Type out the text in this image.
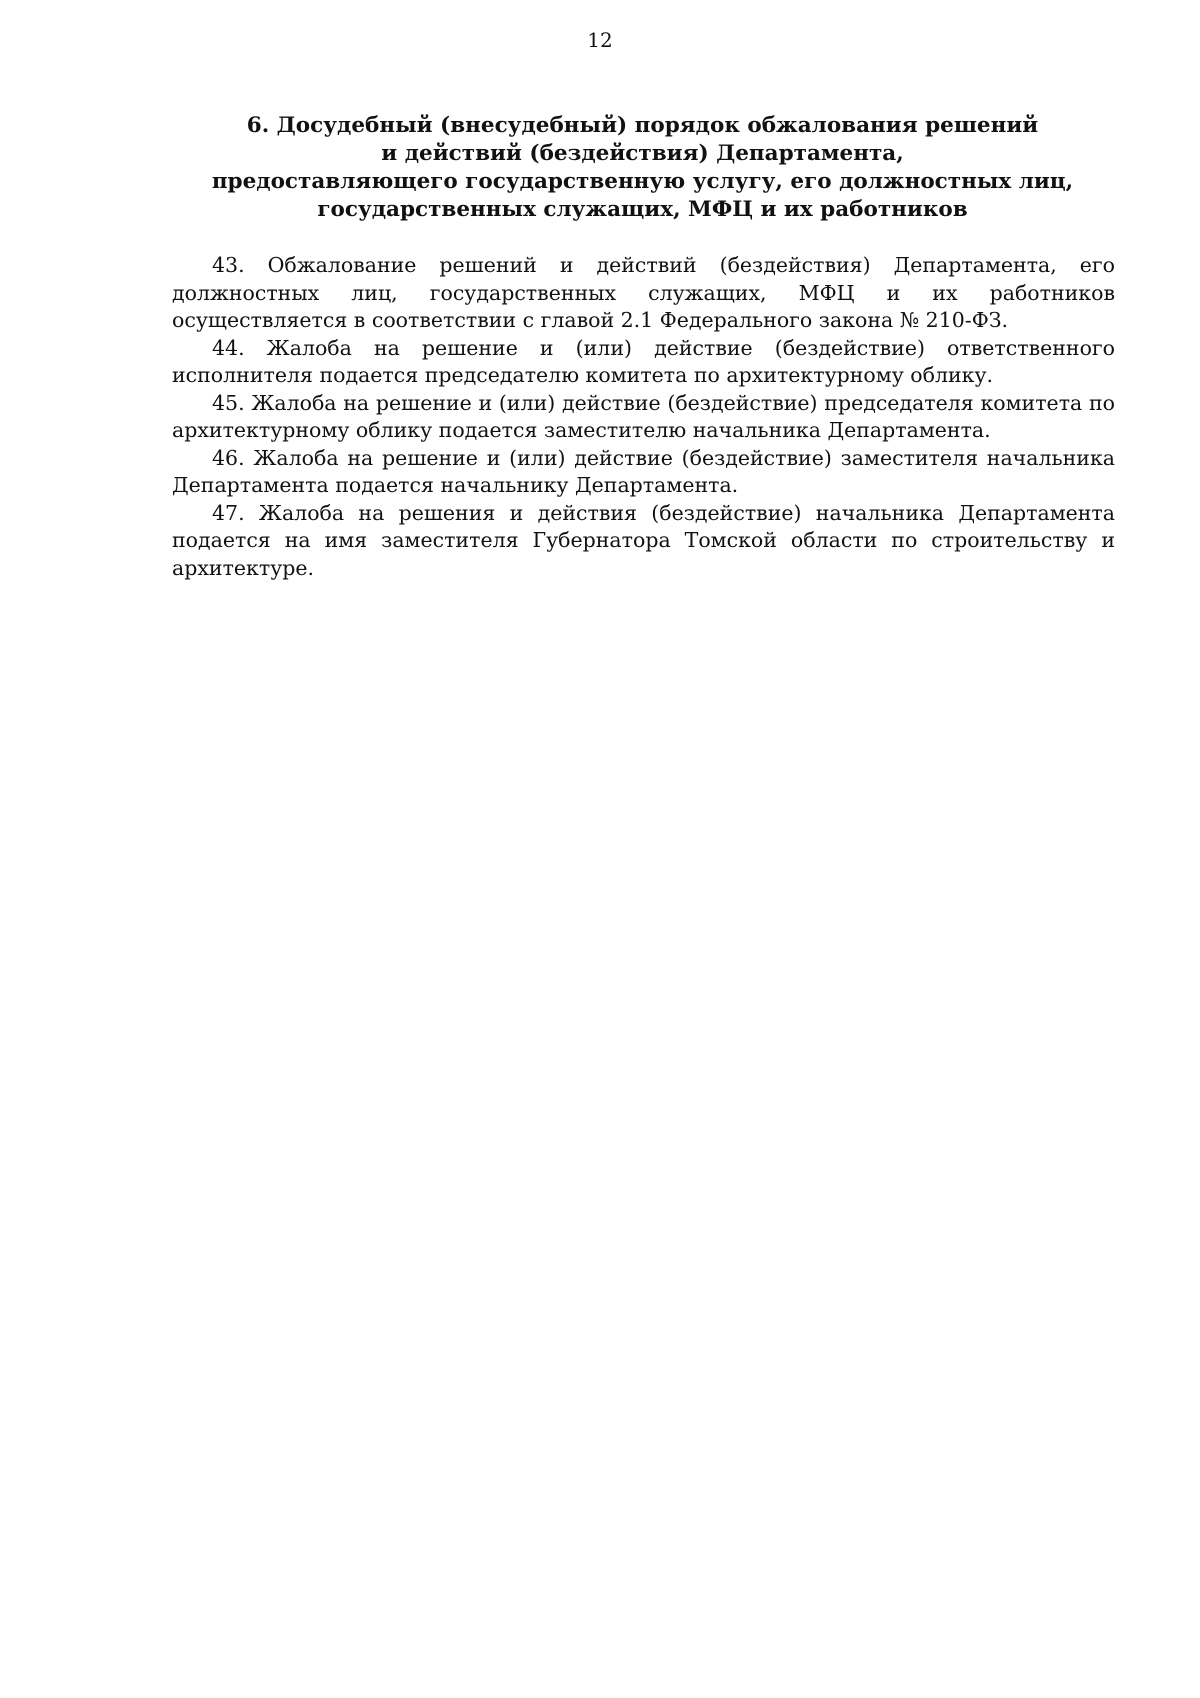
12
6. Досудебный (внесудебный) порядок обжалования решений
и действий (бездействия) Департамента,
предоставляющего государственную услугу, его должностных лиц,
государственных служащих, МФЦ и их работников

43. Обжалование решений и действий (бездействия) Департамента, его должностных лиц, государственных служащих, МФЦ и их работников осуществляется в соответствии с главой 2.1 Федерального закона № 210-ФЗ.

44. Жалоба на решение и (или) действие (бездействие) ответственного исполнителя подается председателю комитета по архитектурному облику.

45. Жалоба на решение и (или) действие (бездействие) председателя комитета по архитектурному облику подается заместителю начальника Департамента.

46. Жалоба на решение и (или) действие (бездействие) заместителя начальника Департамента подается начальнику Департамента.

47. Жалоба на решения и действия (бездействие) начальника Департамента подается на имя заместителя Губернатора Томской области по строительству и архитектуре.
